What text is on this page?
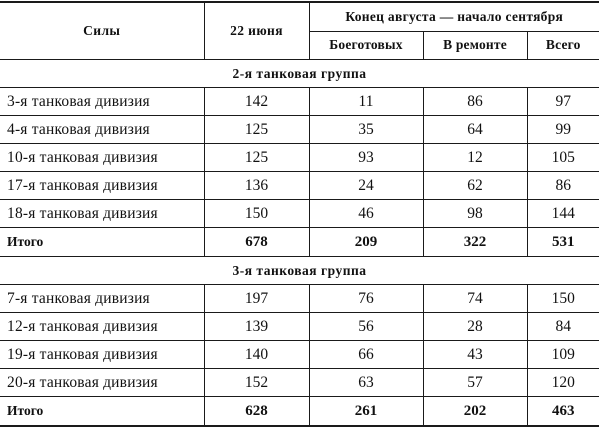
Силы	22 июня	Конец августа — начало сентября		
		Боеготовых	В ремонте	Всего
2-я танковая группа				
3-я танковая дивизия	142	11	86	97
4-я танковая дивизия	125	35	64	99
10-я танковая дивизия	125	93	12	105
17-я танковая дивизия	136	24	62	86
18-я танковая дивизия	150	46	98	144
Итого	678	209	322	531
3-я танковая группа				
7-я танковая дивизия	197	76	74	150
12-я танковая дивизия	139	56	28	84
19-я танковая дивизия	140	66	43	109
20-я танковая дивизия	152	63	57	120
Итого	628	261	202	463
